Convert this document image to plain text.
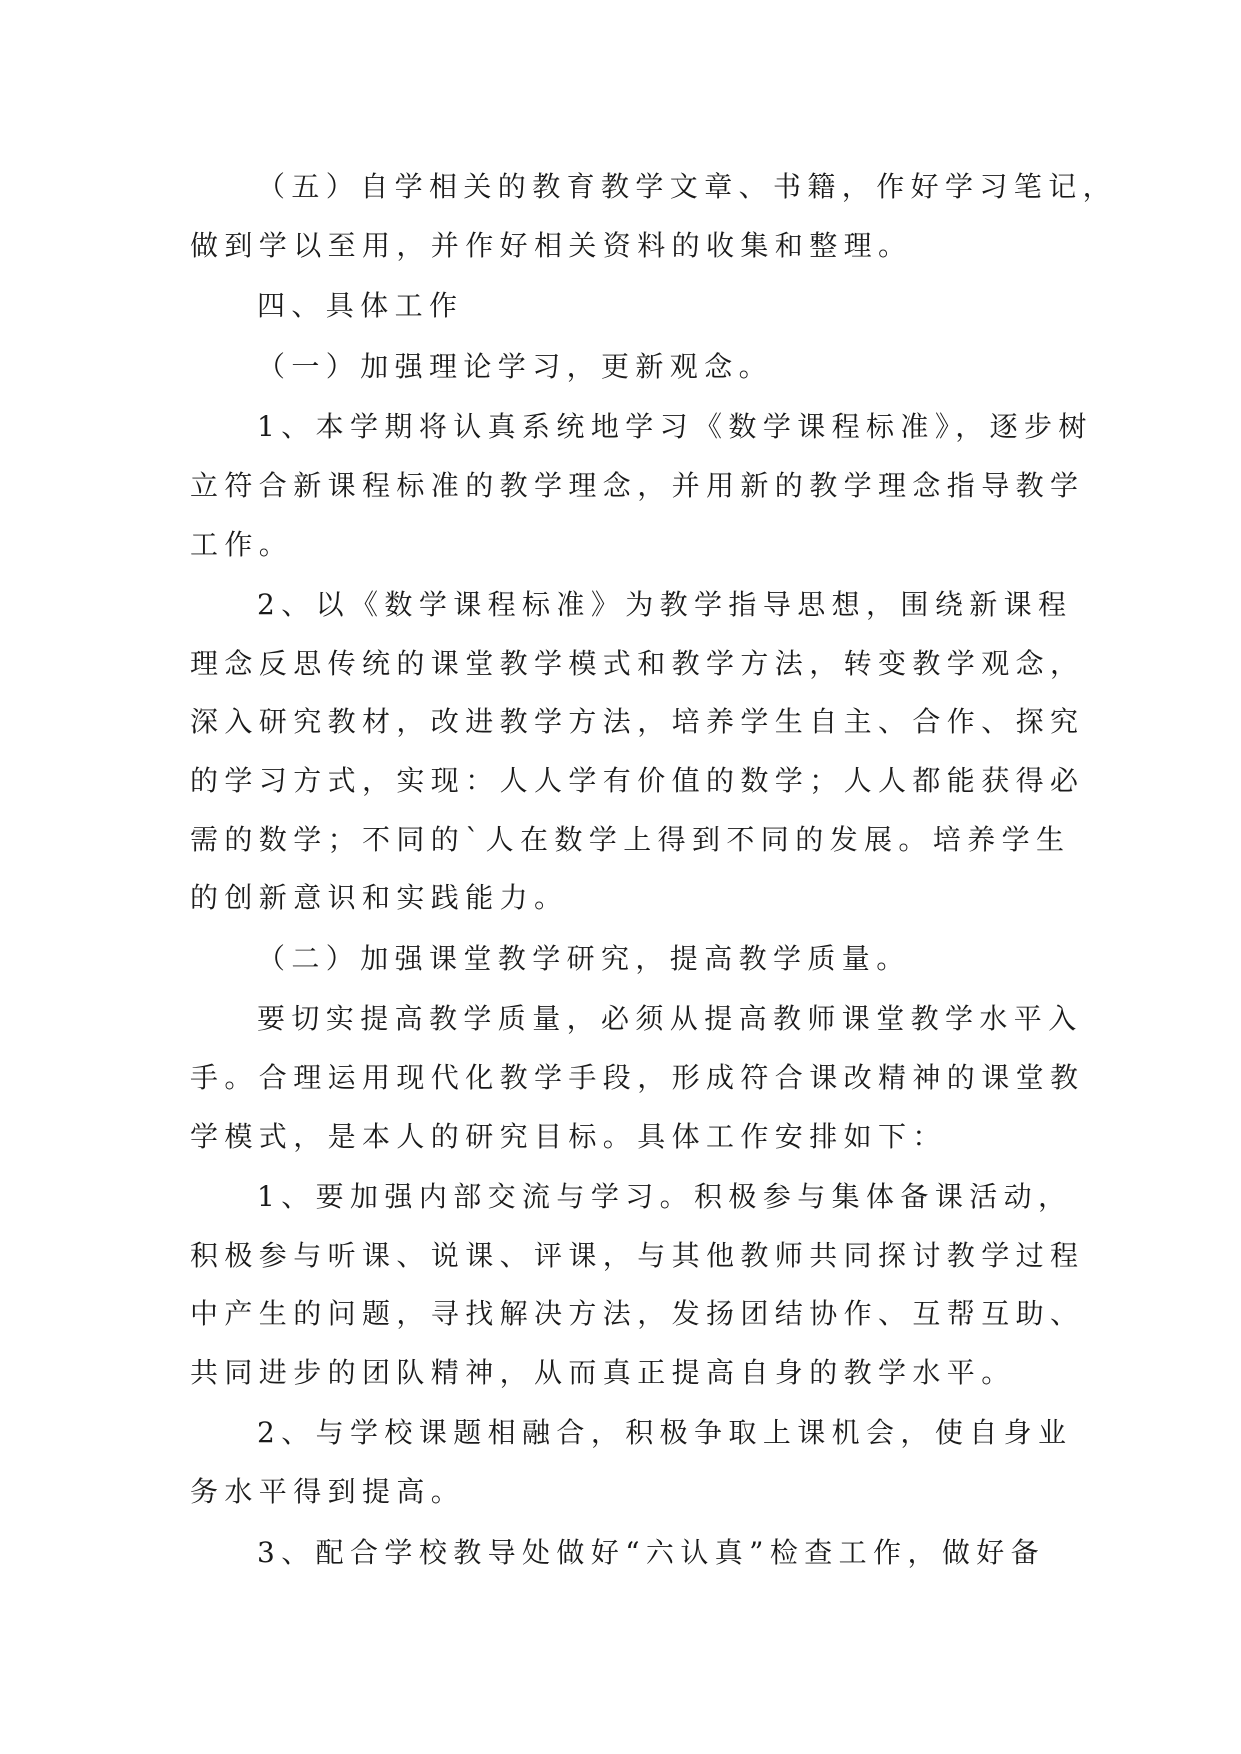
（五）自学相关的教育教学文章、书籍，作好学习笔记，
做到学以至用，并作好相关资料的收集和整理。
四、具体工作
（一）加强理论学习，更新观念。
1、本学期将认真系统地学习《数学课程标准》，逐步树
立符合新课程标准的教学理念，并用新的教学理念指导教学
工作。
2、以《数学课程标准》为教学指导思想，围绕新课程
理念反思传统的课堂教学模式和教学方法，转变教学观念，
深入研究教材，改进教学方法，培养学生自主、合作、探究
的学习方式，实现：人人学有价值的数学；人人都能获得必
需的数学；不同的`人在数学上得到不同的发展。培养学生
的创新意识和实践能力。
（二）加强课堂教学研究，提高教学质量。
要切实提高教学质量，必须从提高教师课堂教学水平入
手。合理运用现代化教学手段，形成符合课改精神的课堂教
学模式，是本人的研究目标。具体工作安排如下：
1、要加强内部交流与学习。积极参与集体备课活动，
积极参与听课、说课、评课，与其他教师共同探讨教学过程
中产生的问题，寻找解决方法，发扬团结协作、互帮互助、
共同进步的团队精神，从而真正提高自身的教学水平。
2、与学校课题相融合，积极争取上课机会，使自身业
务水平得到提高。
3、配合学校教导处做好“六认真”检查工作，做好备
